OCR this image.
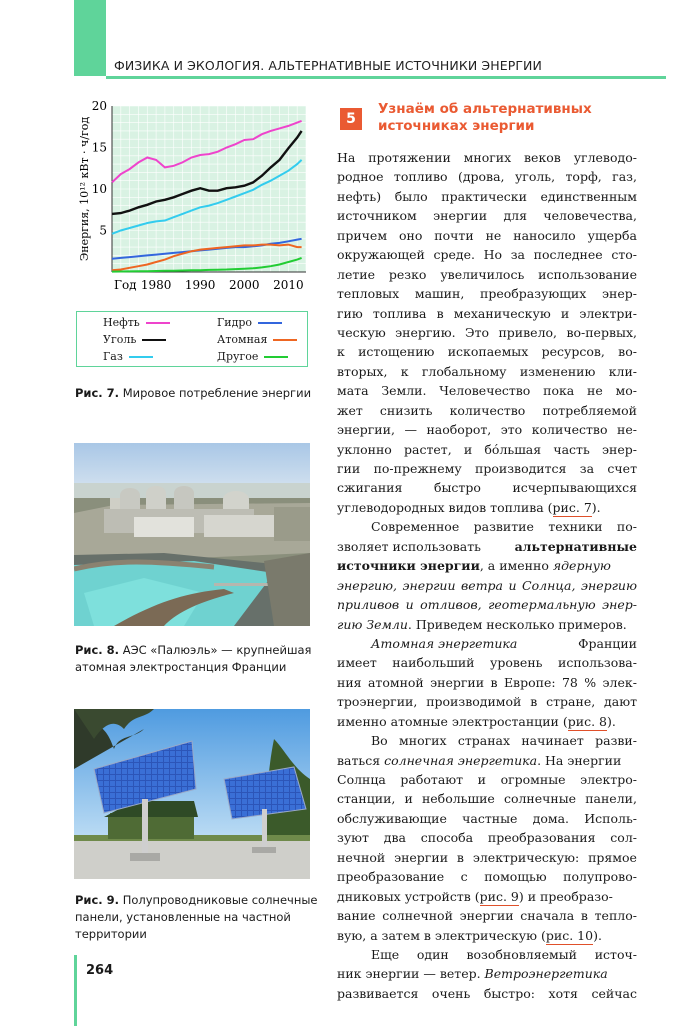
ФИЗИКА И ЭКОЛОГИЯ. АЛЬТЕРНАТИВНЫЕ ИСТОЧНИКИ ЭНЕРГИИ
5
10
15
20
1980 1990 2000 2010
Год
Энергия, 10¹² кВт · ч/год
Нефть
Уголь
Газ
Гидро
Атомная
Другое
Рис. 7. Мировое потребление энергии
Рис. 8. АЭС «Палюэль» — крупнейшая
атомная электростанция Франции
Рис. 9. Полупроводниковые солнечные
панели, установленные на частной
территории
5
Узнаём об альтернативных
источниках энергии
На протяжении многих веков углеводо-
родное топливо (дрова, уголь, торф, газ,
нефть) было практически единственным
источником энергии для человечества,
причем оно почти не наносило ущерба
окружающей среде. Но за последнее сто-
летие резко увеличилось использование
тепловых машин, преобразующих энер-
гию топлива в механическую и электри-
ческую энергию. Это привело, во-первых,
к истощению ископаемых ресурсов, во-
вторых, к глобальному изменению кли-
мата Земли. Человечество пока не мо-
жет снизить количество потребляемой
энергии, — наоборот, это количество не-
уклонно растет, и бóльшая часть энер-
гии по-прежнему производится за счет
сжигания	быстро	исчерпывающихся
углеводородных видов топлива ( рис. 7 ).
Современное развитие техники по-
зволяет использовать	альтернативные
источники энергии , а именно ядерную
энергию, энергии ветра и Солнца, энергию
приливов и отливов, геотермальную энер-
гию Земли . Приведем несколько примеров.
Атомная энергетика	Франции
имеет наибольший уровень использова-
ния атомной энергии в Европе: 78 % элек-
троэнергии, производимой в стране, дают
именно атомные электростанции ( рис. 8 ).
Во многих странах начинает разви-
ваться солнечная энергетика . На энергии
Солнца работают и огромные электро-
станции, и небольшие солнечные панели,
обслуживающие частные дома. Исполь-
зуют два способа преобразования сол-
нечной энергии в электрическую: прямое
преобразование с помощью полупрово-
дниковых устройств ( рис. 9 ) и преобразо-
вание солнечной энергии сначала в тепло-
вую, а затем в электрическую ( рис. 10 ).
Еще один возобновляемый источ-
ник энергии — ветер. Ветроэнергетика
развивается очень быстро: хотя сейчас
264
